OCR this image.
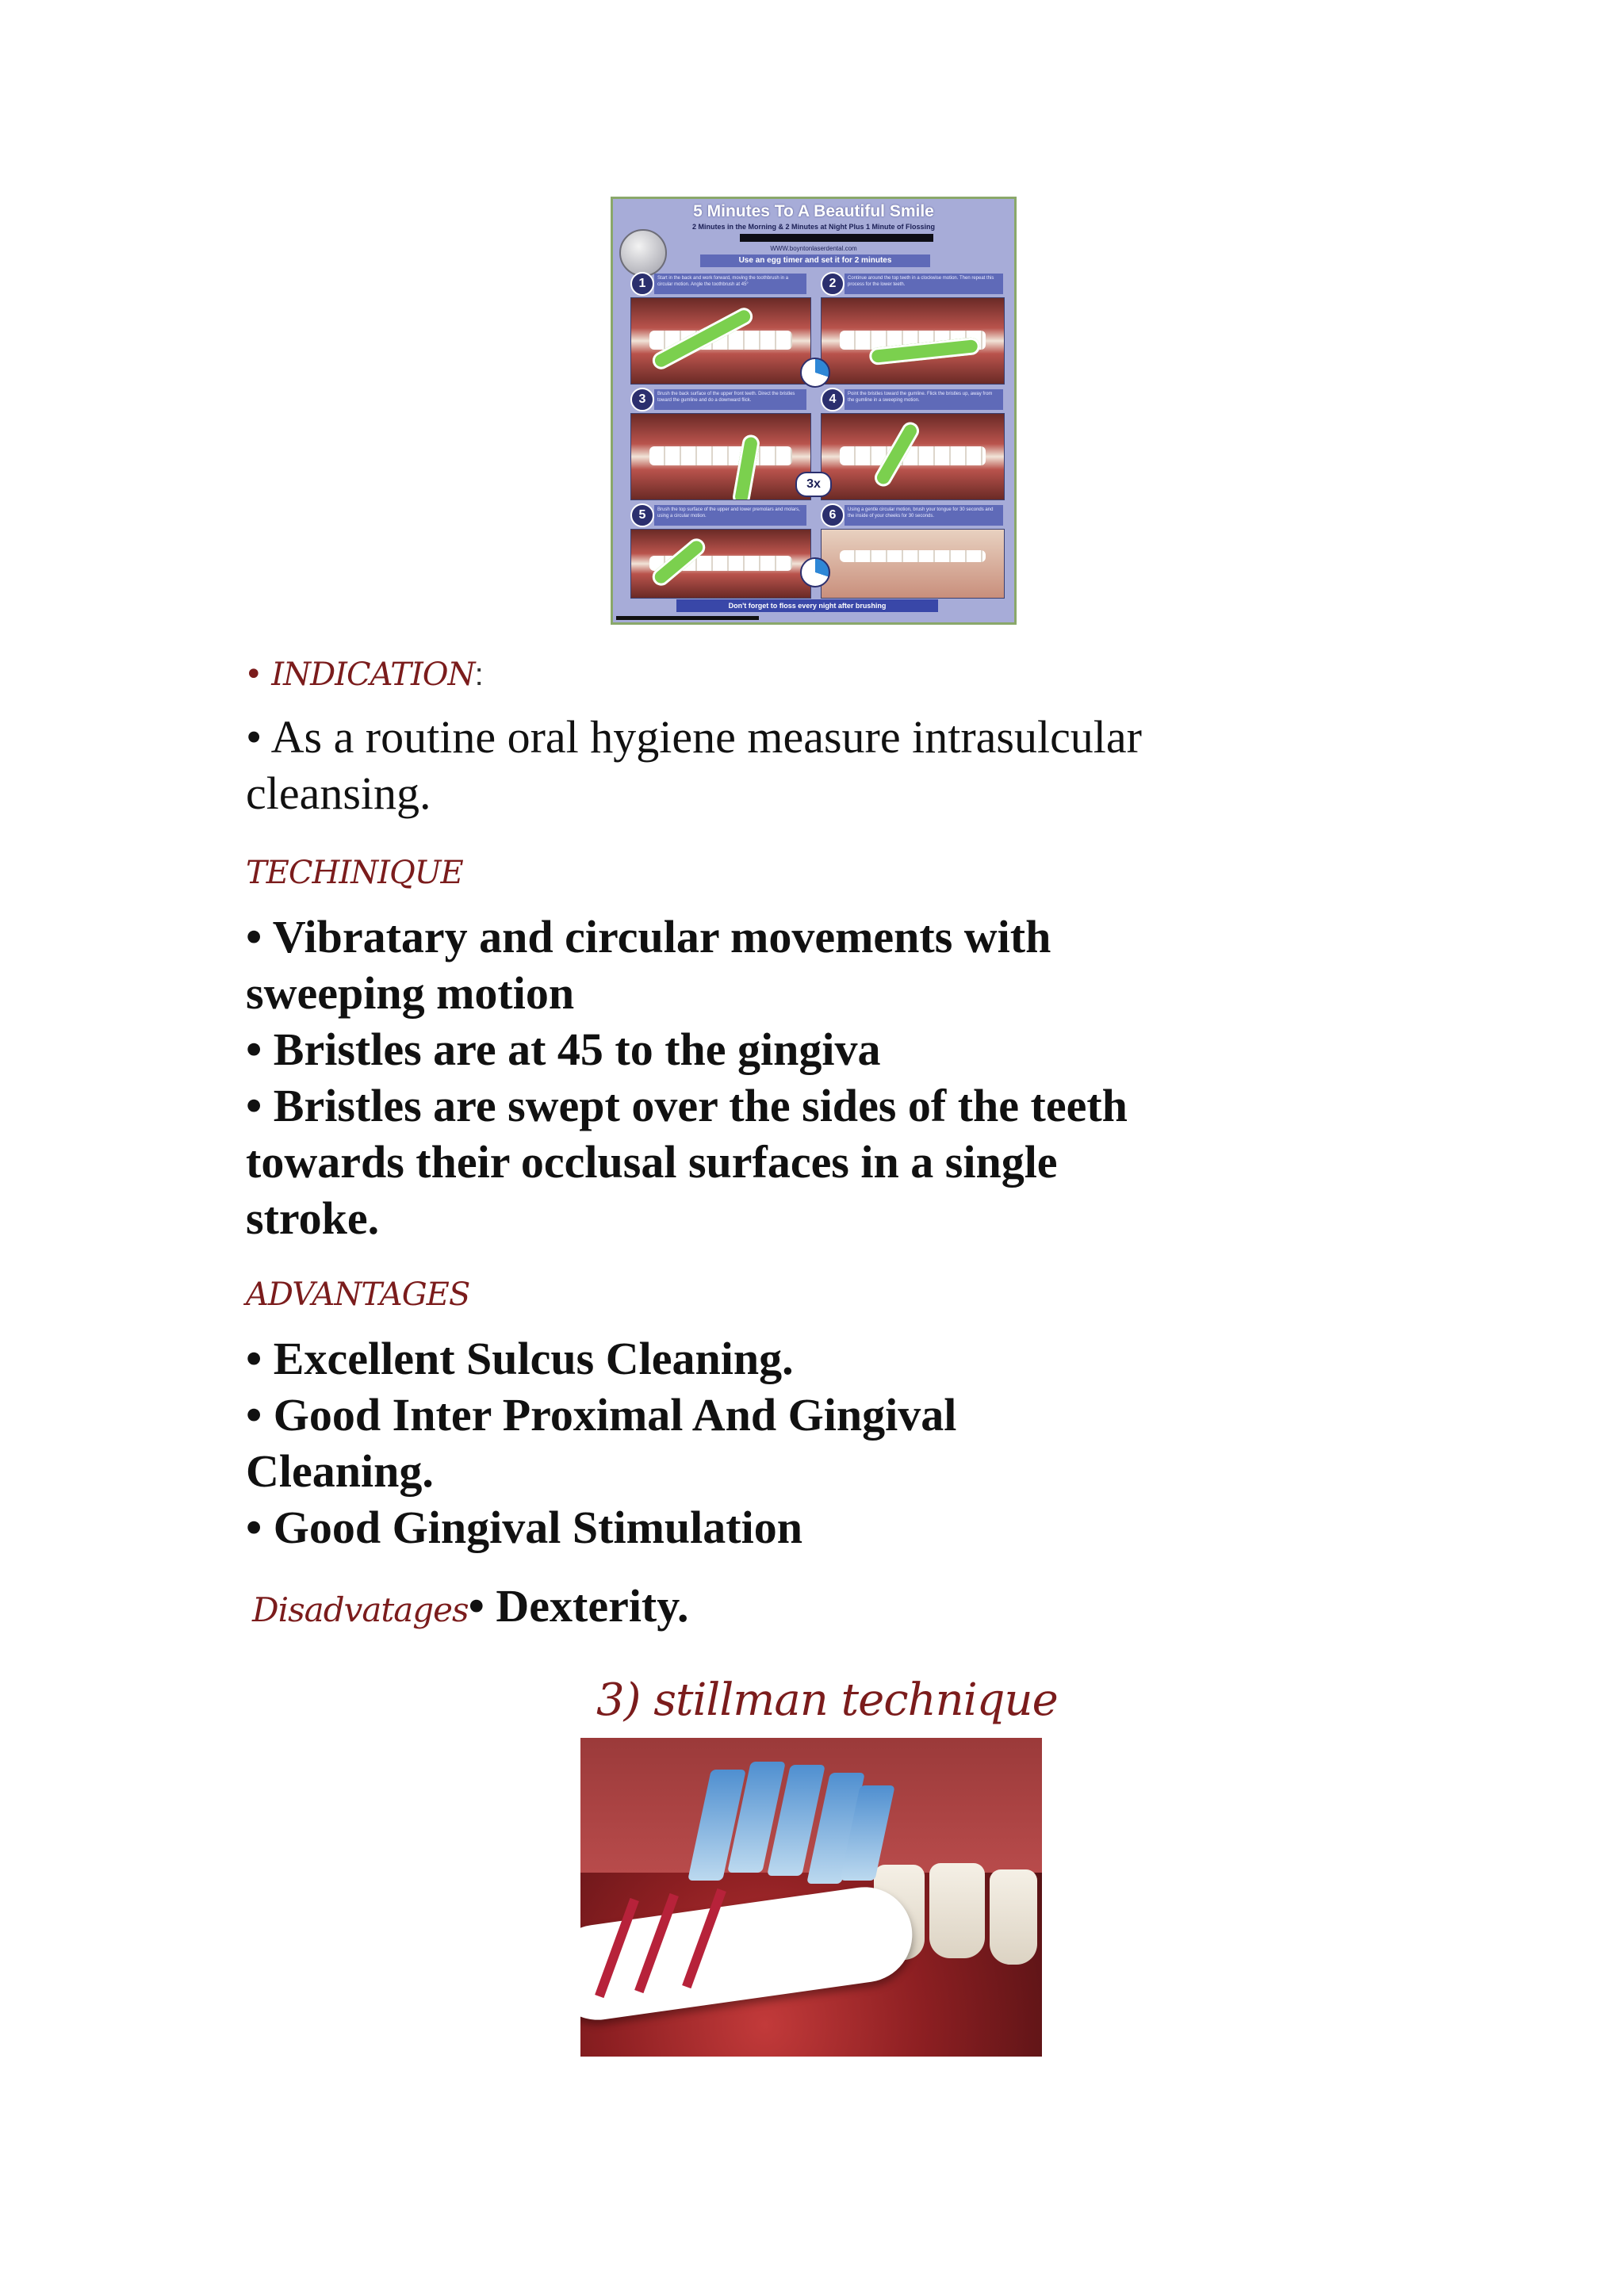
5 Minutes To A Beautiful Smile
2 Minutes in the Morning & 2 Minutes at Night Plus 1 Minute of Flossing
WWW.boyntonlaserdental.com
Use an egg timer and set it for 2 minutes
1	Start in the back and work forward, moving the toothbrush in a circular motion. Angle the toothbrush at 45°	2	Continue around the top teeth in a clockwise motion. Then repeat this process for the lower teeth.
3	Brush the back surface of the upper front teeth. Direct the bristles toward the gumline and do a downward flick.	4	Point the bristles toward the gumline. Flick the bristles up, away from the gumline in a sweeping motion.
3x
5	Brush the top surface of the upper and lower premolars and molars, using a circular motion.	6	Using a gentle circular motion, brush your tongue for 30 seconds and the inside of your cheeks for 30 seconds.
Don't forget to floss every night after brushing
• INDICATION:
• As a routine oral hygiene measure intrasulcular
cleansing.
TECHINIQUE
• Vibratary and circular movements with
sweeping motion
• Bristles are at 45 to the gingiva
• Bristles are swept over the sides of the teeth
towards their occlusal surfaces in a single
stroke.
ADVANTAGES
• Excellent Sulcus Cleaning.
• Good Inter Proximal And Gingival
Cleaning.
• Good Gingival Stimulation
Disadvatages• Dexterity.
3) stillman technique
